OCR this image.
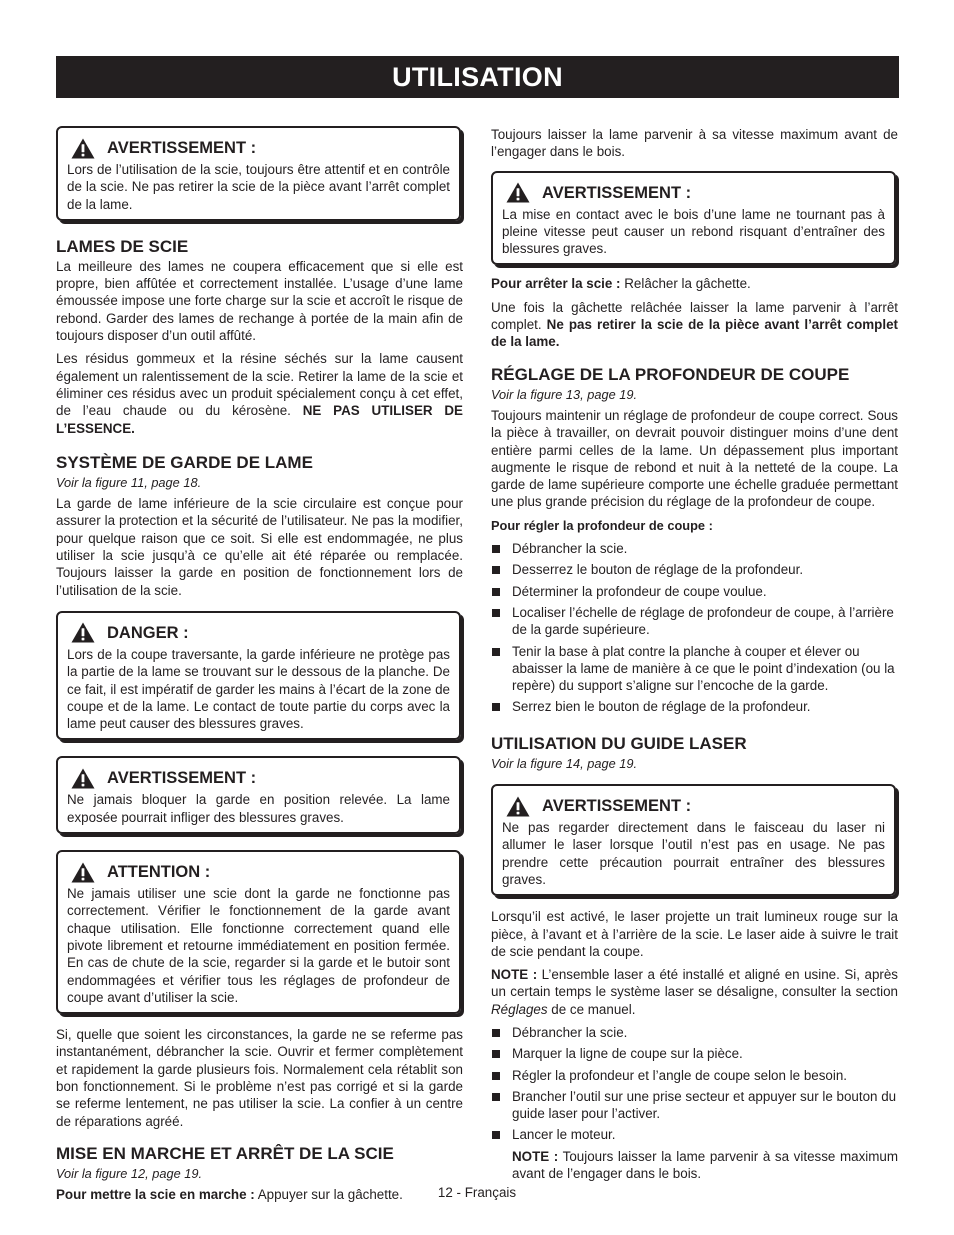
UTILISATION
AVERTISSEMENT :

Lors de l’utilisation de la scie, toujours être attentif et en contrôle de la scie. Ne pas retirer la scie de la pièce avant l’arrêt complet de la lame.

LAMES DE SCIE

La meilleure des lames ne coupera efficacement que si elle est propre, bien affûtée et correctement installée. L’usage d’une lame émoussée impose une forte charge sur la scie et accroît le risque de rebond. Garder des lames de rechange à portée de la main afin de toujours disposer d’un outil affûté.

Les résidus gommeux et la résine séchés sur la lame causent également un ralentissement de la scie. Retirer la lame de la scie et éliminer ces résidus avec un produit spécialement conçu à cet effet, de l’eau chaude ou du kérosène. NE PAS UTILISER DE L’ESSENCE.

SYSTÈME DE GARDE DE LAME
Voir la figure 11, page 18.

La garde de lame inférieure de la scie circulaire est conçue pour assurer la protection et la sécurité de l’utilisateur. Ne pas la modifier, pour quelque raison que ce soit. Si elle est endommagée, ne plus utiliser la scie jusqu’à ce qu’elle ait été réparée ou remplacée. Toujours laisser la garde en position de fonctionnement lors de l’utilisation de la scie.

DANGER :

Lors de la coupe traversante, la garde inférieure ne protège pas la partie de la lame se trouvant sur le dessous de la planche. De ce fait, il est impératif de garder les mains à l’écart de la zone de coupe et de la lame. Le contact de toute partie du corps avec la lame peut causer des blessures graves.

AVERTISSEMENT :

Ne jamais bloquer la garde en position relevée. La lame exposée pourrait infliger des blessures graves.

ATTENTION :

Ne jamais utiliser une scie dont la garde ne fonctionne pas correctement. Vérifier le fonctionnement de la garde avant chaque utilisation. Elle fonctionne correctement quand elle pivote librement et retourne immédiatement en position fermée. En cas de chute de la scie, regarder si la garde et le butoir sont endommagées et vérifier tous les réglages de profondeur de coupe avant d’utiliser la scie.

Si, quelle que soient les circonstances, la garde ne se referme pas instantanément, débrancher la scie. Ouvrir et fermer complètement et rapidement la garde plusieurs fois. Normalement cela rétablit son bon fonctionnement. Si le problème n’est pas corrigé et si la garde se referme lentement, ne pas utiliser la scie. La confier à un centre de réparations agréé.

MISE EN MARCHE ET ARRÊT DE LA SCIE
Voir la figure 12, page 19.

Pour mettre la scie en marche : Appuyer sur la gâchette.

Toujours laisser la lame parvenir à sa vitesse maximum avant de l’engager dans le bois.

AVERTISSEMENT :

La mise en contact avec le bois d’une lame ne tournant pas à pleine vitesse peut causer un rebond risquant d’entraîner des blessures graves.

Pour arrêter la scie : Relâcher la gâchette.

Une fois la gâchette relâchée laisser la lame parvenir à l’arrêt complet. Ne pas retirer la scie de la pièce avant l’arrêt complet de la lame.

RÉGLAGE DE LA PROFONDEUR DE COUPE
Voir la figure 13, page 19.

Toujours maintenir un réglage de profondeur de coupe correct. Sous la pièce à travailler, on devrait pouvoir distinguer moins d’une dent entière parmi celles de la lame. Un dépassement plus important augmente le risque de rebond et nuit à la netteté de la coupe. La garde de lame supérieure comporte une échelle graduée permettant une plus grande précision du réglage de la profondeur de coupe.

Pour régler la profondeur de coupe :

Débrancher la scie.
Desserrez le bouton de réglage de la profondeur.
Déterminer la profondeur de coupe voulue.
Localiser l’échelle de réglage de profondeur de coupe, à l’arrière de la garde supérieure.
Tenir la base à plat contre la planche à couper et élever ou abaisser la lame de manière à ce que le point d’indexation (ou la repère) du support s’aligne sur l’encoche de la garde.
Serrez bien le bouton de réglage de la profondeur.
UTILISATION DU GUIDE LASER
Voir la figure 14, page 19.
AVERTISSEMENT :

Ne pas regarder directement dans le faisceau du laser ni allumer le laser lorsque l’outil n’est pas en usage. Ne pas prendre cette précaution pourrait entraîner des blessures graves.

Lorsqu’il est activé, le laser projette un trait lumineux rouge sur la pièce, à l’avant et à l’arrière de la scie. Le laser aide à suivre le trait de scie pendant la coupe.

NOTE : L’ensemble laser a été installé et aligné en usine. Si, après un certain temps le système laser se désaligne, consulter la section Réglages de ce manuel.

Débrancher la scie.
Marquer la ligne de coupe sur la pièce.
Régler la profondeur et l’angle de coupe selon le besoin.
Brancher l’outil sur une prise secteur et appuyer sur le bouton du guide laser pour l’activer.
Lancer le moteur.

NOTE : Toujours laisser la lame parvenir à sa vitesse maximum avant de l’engager dans le bois.

12 - Français
